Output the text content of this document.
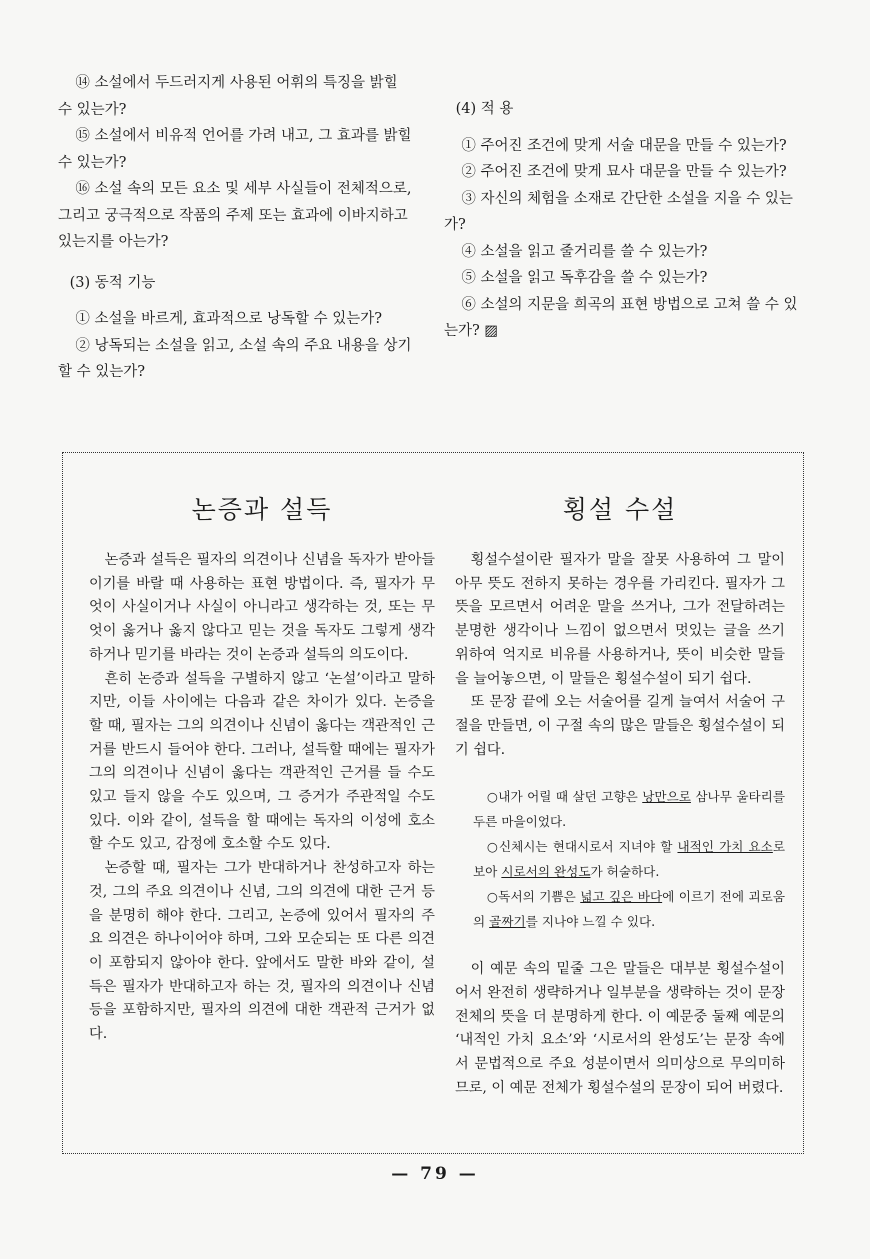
⑭ 소설에서 두드러지게 사용된 어휘의 특징을 밝힐 수 있는가?

⑮ 소설에서 비유적 언어를 가려 내고, 그 효과를 밝힐 수 있는가?

⑯ 소설 속의 모든 요소 및 세부 사실들이 전체적으로, 그리고 궁극적으로 작품의 주제 또는 효과에 이바지하고 있는지를 아는가?

(3) 동적 기능

① 소설을 바르게, 효과적으로 낭독할 수 있는가?

② 낭독되는 소설을 읽고, 소설 속의 주요 내용을 상기할 수 있는가?

(4) 적 용

① 주어진 조건에 맞게 서술 대문을 만들 수 있는가?

② 주어진 조건에 맞게 묘사 대문을 만들 수 있는가?

③ 자신의 체험을 소재로 간단한 소설을 지을 수 있는가?

④ 소설을 읽고 줄거리를 쓸 수 있는가?

⑤ 소설을 읽고 독후감을 쓸 수 있는가?

⑥ 소설의 지문을 희곡의 표현 방법으로 고쳐 쓸 수 있는가? ▨

논증과 설득

논증과 설득은 필자의 의견이나 신념을 독자가 받아들이기를 바랄 때 사용하는 표현 방법이다. 즉, 필자가 무엇이 사실이거나 사실이 아니라고 생각하는 것, 또는 무엇이 옳거나 옳지 않다고 믿는 것을 독자도 그렇게 생각하거나 믿기를 바라는 것이 논증과 설득의 의도이다.

흔히 논증과 설득을 구별하지 않고 ‘논설’이라고 말하지만, 이들 사이에는 다음과 같은 차이가 있다. 논증을 할 때, 필자는 그의 의견이나 신념이 옳다는 객관적인 근거를 반드시 들어야 한다. 그러나, 설득할 때에는 필자가 그의 의견이나 신념이 옳다는 객관적인 근거를 들 수도 있고 들지 않을 수도 있으며, 그 증거가 주관적일 수도 있다. 이와 같이, 설득을 할 때에는 독자의 이성에 호소할 수도 있고, 감정에 호소할 수도 있다.

논증할 때, 필자는 그가 반대하거나 찬성하고자 하는 것, 그의 주요 의견이나 신념, 그의 의견에 대한 근거 등을 분명히 해야 한다. 그리고, 논증에 있어서 필자의 주요 의견은 하나이어야 하며, 그와 모순되는 또 다른 의견이 포함되지 않아야 한다. 앞에서도 말한 바와 같이, 설득은 필자가 반대하고자 하는 것, 필자의 의견이나 신념 등을 포함하지만, 필자의 의견에 대한 객관적 근거가 없다.

횡설 수설

횡설수설이란 필자가 말을 잘못 사용하여 그 말이 아무 뜻도 전하지 못하는 경우를 가리킨다. 필자가 그 뜻을 모르면서 어려운 말을 쓰거나, 그가 전달하려는 분명한 생각이나 느낌이 없으면서 멋있는 글을 쓰기 위하여 억지로 비유를 사용하거나, 뜻이 비슷한 말들을 늘어놓으면, 이 말들은 횡설수설이 되기 쉽다.

또 문장 끝에 오는 서술어를 길게 늘여서 서술어 구절을 만들면, 이 구절 속의 많은 말들은 횡설수설이 되기 쉽다.

○내가 어릴 때 살던 고향은 낭만으로 삼나무 울타리를 두른 마을이었다.

○신체시는 현대시로서 지녀야 할 내적인 가치 요소로 보아 시로서의 완성도가 허술하다.

○독서의 기쁨은 넓고 깊은 바다에 이르기 전에 괴로움의 골짜기를 지나야 느낄 수 있다.

이 예문 속의 밑줄 그은 말들은 대부분 횡설수설이어서 완전히 생략하거나 일부분을 생략하는 것이 문장 전체의 뜻을 더 분명하게 한다. 이 예문중 둘째 예문의 ‘내적인 가치 요소’와 ‘시로서의 완성도’는 문장 속에서 문법적으로 주요 성분이면서 의미상으로 무의미하므로, 이 예문 전체가 횡설수설의 문장이 되어 버렸다.

— 79 —
